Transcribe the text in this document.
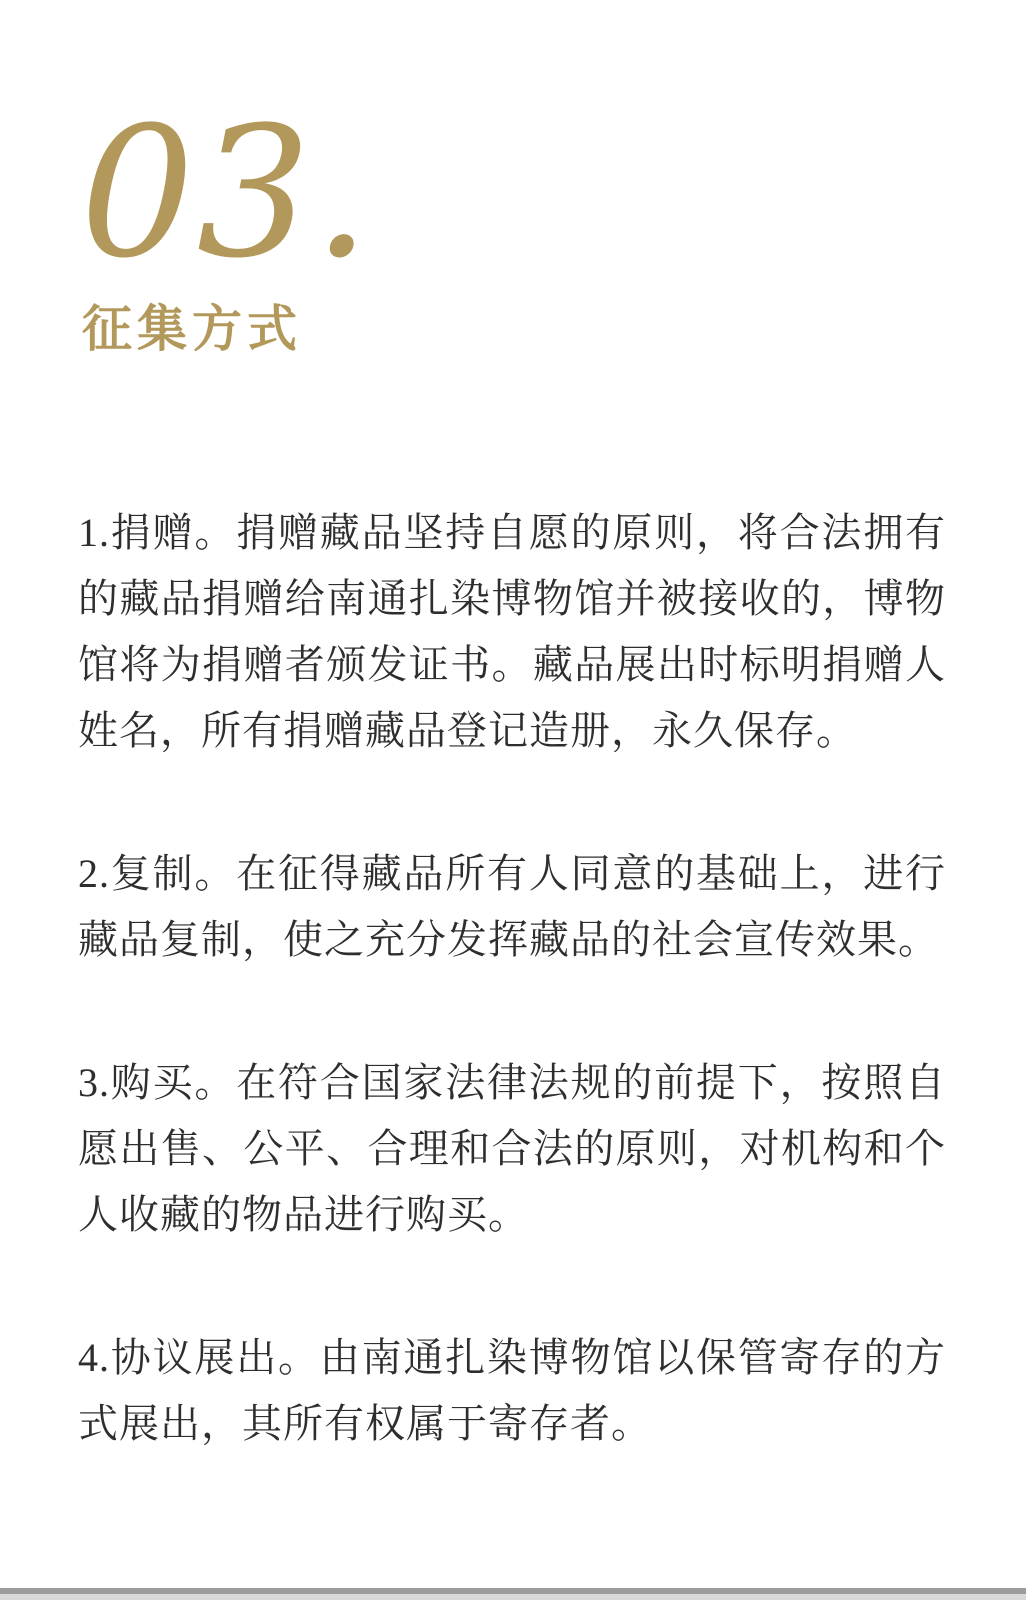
03.
征集方式

1.捐赠。捐赠藏品坚持自愿的原则，将合法拥有的藏品捐赠给南通扎染博物馆并被接收的，博物馆将为捐赠者颁发证书。藏品展出时标明捐赠人姓名，所有捐赠藏品登记造册，永久保存。

2.复制。在征得藏品所有人同意的基础上，进行藏品复制，使之充分发挥藏品的社会宣传效果。

3.购买。在符合国家法律法规的前提下，按照自愿出售、公平、合理和合法的原则，对机构和个人收藏的物品进行购买。

4.协议展出。由南通扎染博物馆以保管寄存的方式展出，其所有权属于寄存者。
